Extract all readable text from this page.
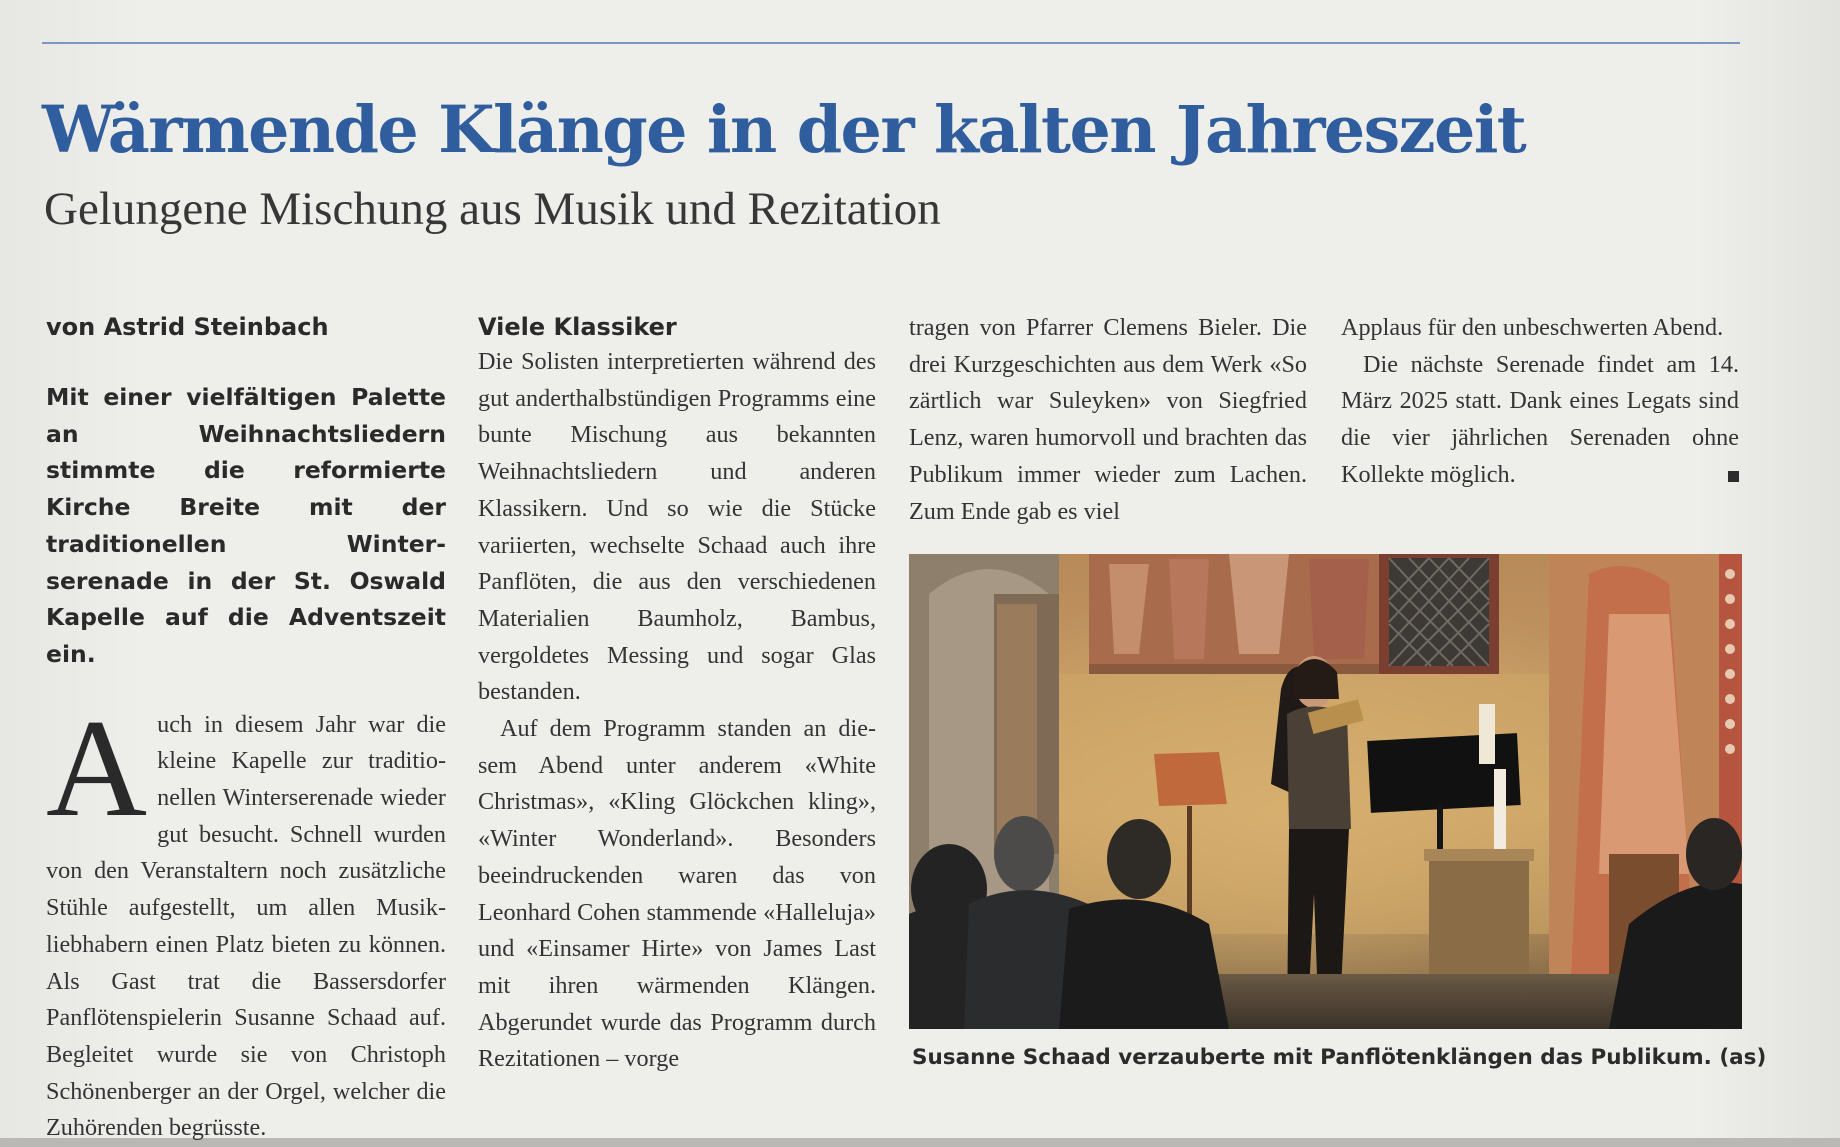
Wärmende Klänge in der kalten Jahreszeit
Gelungene Mischung aus Musik und Rezitation

von Astrid Steinbach

Mit einer vielfältigen Palette an Weihnachtsliedern stimmte die reformierte Kirche Breite mit der traditionellen Winterserenade in der St. Oswald Kapelle auf die Adventszeit ein.

Auch in diesem Jahr war die kleine Kapelle zur traditionellen Winterserenade wieder gut besucht. Schnell wurden von den Veranstaltern noch zusätzliche Stühle aufgestellt, um allen Musikliebhabern einen Platz bieten zu können. Als Gast trat die Bassersdorfer Panflötenspielerin Susanne Schaad auf. Begleitet wurde sie von Christoph Schönenberger an der Orgel, welcher die Zuhörenden begrüsste.

Viele Klassiker

Die Solisten interpretierten während des gut anderthalbstündigen Programms eine bunte Mischung aus bekannten Weihnachtsliedern und anderen Klassikern. Und so wie die Stücke variierten, wechselte Schaad auch ihre Panflöten, die aus den verschiedenen Materialien Baumholz, Bambus, vergoldetes Messing und sogar Glas bestanden.

Auf dem Programm standen an diesem Abend unter anderem «White Christmas», «Kling Glöckchen kling», «Winter Wonderland». Besonders beeindruckenden waren das von Leonhard Cohen stammende «Halleluja» und «Einsamer Hirte» von James Last mit ihren wärmenden Klängen. Abgerundet wurde das Programm durch Rezitationen – vorge

tragen von Pfarrer Clemens Bieler. Die drei Kurzgeschichten aus dem Werk «So zärtlich war Suleyken» von Siegfried Lenz, waren humorvoll und brachten das Publikum immer wieder zum Lachen. Zum Ende gab es viel

Applaus für den unbeschwerten Abend.

Die nächste Serenade findet am 14. März 2025 statt. Dank eines Legats sind die vier jährlichen Serenaden ohne Kollekte möglich.

Susanne Schaad verzauberte mit Panflötenklängen das Publikum. (as)
